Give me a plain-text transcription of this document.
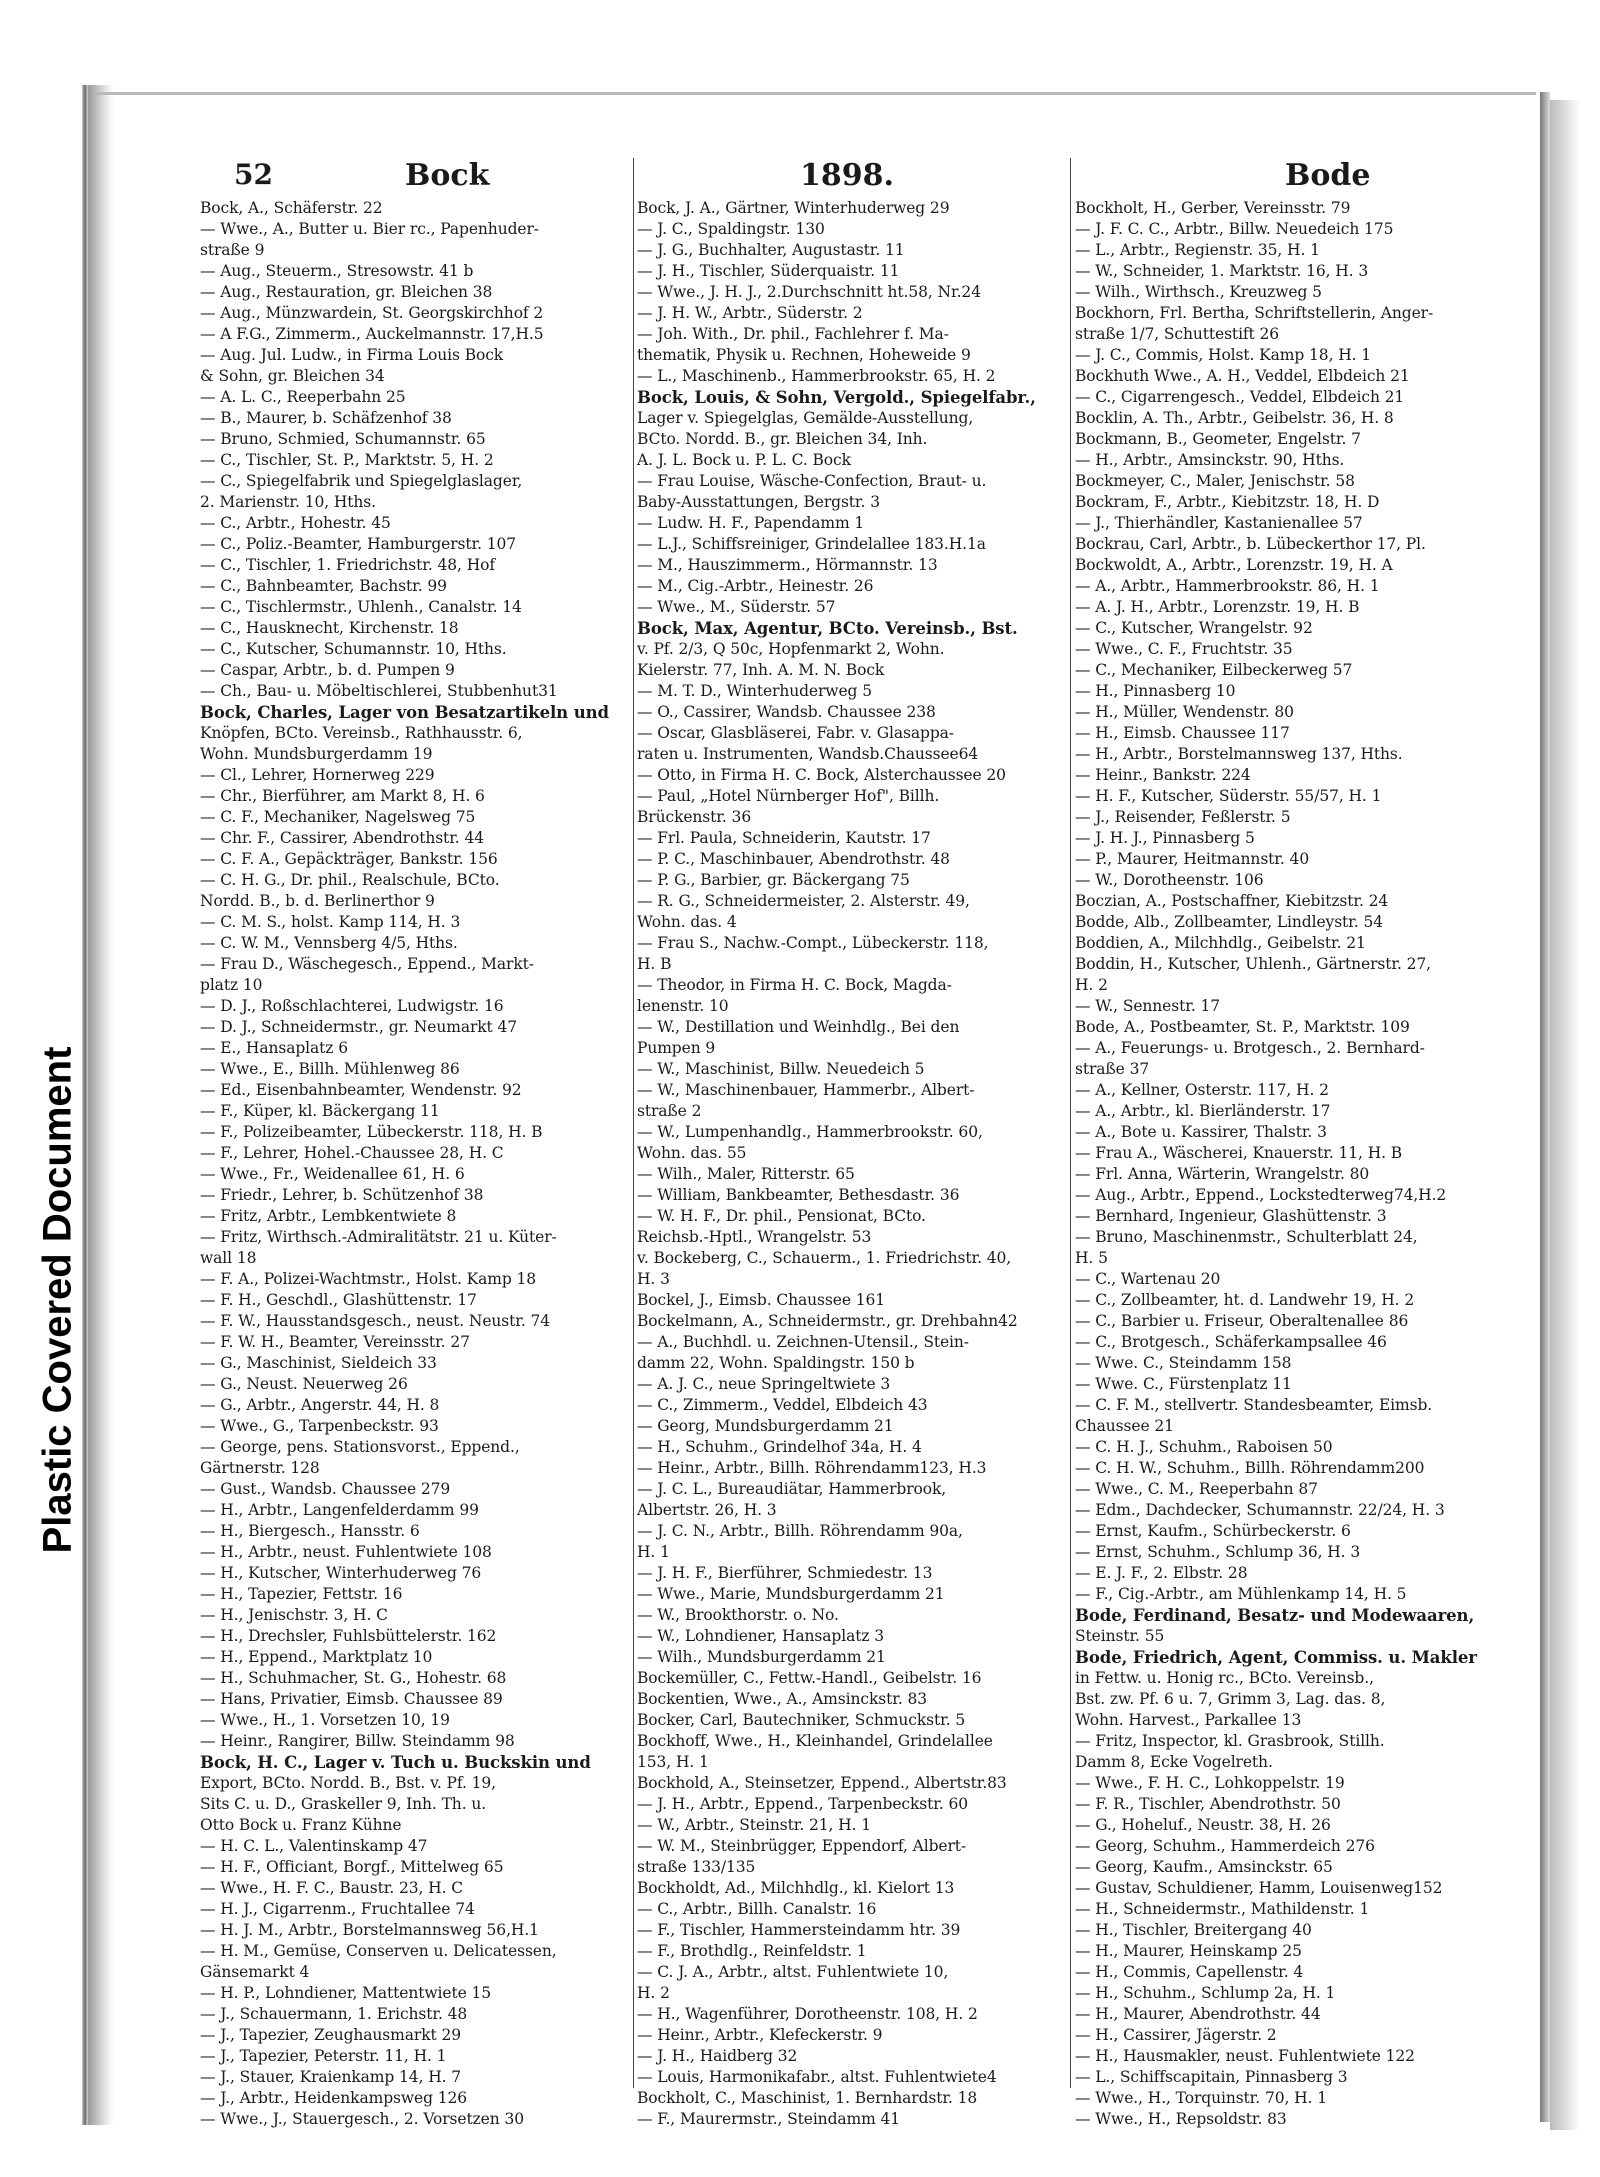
Plastic Covered Document
52	Bock	1898.	Bode
Bock, A., Schäferstr. 22
— Wwe., A., Butter u. Bier rc., Papenhuder-
straße 9
— Aug., Steuerm., Stresowstr. 41 b
— Aug., Restauration, gr. Bleichen 38
— Aug., Münzwardein, St. Georgskirchhof 2
— A F.G., Zimmerm., Auckelmannstr. 17,H.5
— Aug. Jul. Ludw., in Firma Louis Bock
& Sohn, gr. Bleichen 34
— A. L. C., Reeperbahn 25
— B., Maurer, b. Schäfzenhof 38
— Bruno, Schmied, Schumannstr. 65
— C., Tischler, St. P., Marktstr. 5, H. 2
— C., Spiegelfabrik und Spiegelglaslager,
2. Marienstr. 10, Hths.
— C., Arbtr., Hohestr. 45
— C., Poliz.-Beamter, Hamburgerstr. 107
— C., Tischler, 1. Friedrichstr. 48, Hof
— C., Bahnbeamter, Bachstr. 99
— C., Tischlermstr., Uhlenh., Canalstr. 14
— C., Hausknecht, Kirchenstr. 18
— C., Kutscher, Schumannstr. 10, Hths.
— Caspar, Arbtr., b. d. Pumpen 9
— Ch., Bau- u. Möbeltischlerei, Stubbenhut31
Bock, Charles, Lager von Besatzartikeln und
Knöpfen, BCto. Vereinsb., Rathhausstr. 6,
Wohn. Mundsburgerdamm 19
— Cl., Lehrer, Hornerweg 229
— Chr., Bierführer, am Markt 8, H. 6
— C. F., Mechaniker, Nagelsweg 75
— Chr. F., Cassirer, Abendrothstr. 44
— C. F. A., Gepäckträger, Bankstr. 156
— C. H. G., Dr. phil., Realschule, BCto.
Nordd. B., b. d. Berlinerthor 9
— C. M. S., holst. Kamp 114, H. 3
— C. W. M., Vennsberg 4/5, Hths.
— Frau D., Wäschegesch., Eppend., Markt-
platz 10
— D. J., Roßschlachterei, Ludwigstr. 16
— D. J., Schneidermstr., gr. Neumarkt 47
— E., Hansaplatz 6
— Wwe., E., Billh. Mühlenweg 86
— Ed., Eisenbahnbeamter, Wendenstr. 92
— F., Küper, kl. Bäckergang 11
— F., Polizeibeamter, Lübeckerstr. 118, H. B
— F., Lehrer, Hohel.-Chaussee 28, H. C
— Wwe., Fr., Weidenallee 61, H. 6
— Friedr., Lehrer, b. Schützenhof 38
— Fritz, Arbtr., Lembkentwiete 8
— Fritz, Wirthsch.-Admiralitätstr. 21 u. Küter-
wall 18
— F. A., Polizei-Wachtmstr., Holst. Kamp 18
— F. H., Geschdl., Glashüttenstr. 17
— F. W., Hausstandsgesch., neust. Neustr. 74
— F. W. H., Beamter, Vereinsstr. 27
— G., Maschinist, Sieldeich 33
— G., Neust. Neuerweg 26
— G., Arbtr., Angerstr. 44, H. 8
— Wwe., G., Tarpenbeckstr. 93
— George, pens. Stationsvorst., Eppend.,
Gärtnerstr. 128
— Gust., Wandsb. Chaussee 279
— H., Arbtr., Langenfelderdamm 99
— H., Biergesch., Hansstr. 6
— H., Arbtr., neust. Fuhlentwiete 108
— H., Kutscher, Winterhuderweg 76
— H., Tapezier, Fettstr. 16
— H., Jenischstr. 3, H. C
— H., Drechsler, Fuhlsbüttelerstr. 162
— H., Eppend., Marktplatz 10
— H., Schuhmacher, St. G., Hohestr. 68
— Hans, Privatier, Eimsb. Chaussee 89
— Wwe., H., 1. Vorsetzen 10, 19
— Heinr., Rangirer, Billw. Steindamm 98
Bock, H. C., Lager v. Tuch u. Buckskin und
Export, BCto. Nordd. B., Bst. v. Pf. 19,
Sits C. u. D., Graskeller 9, Inh. Th. u.
Otto Bock u. Franz Kühne
— H. C. L., Valentinskamp 47
— H. F., Officiant, Borgf., Mittelweg 65
— Wwe., H. F. C., Baustr. 23, H. C
— H. J., Cigarrenm., Fruchtallee 74
— H. J. M., Arbtr., Borstelmannsweg 56,H.1
— H. M., Gemüse, Conserven u. Delicatessen,
Gänsemarkt 4
— H. P., Lohndiener, Mattentwiete 15
— J., Schauermann, 1. Erichstr. 48
— J., Tapezier, Zeughausmarkt 29
— J., Tapezier, Peterstr. 11, H. 1
— J., Stauer, Kraienkamp 14, H. 7
— J., Arbtr., Heidenkampsweg 126
— Wwe., J., Stauergesch., 2. Vorsetzen 30
Bock, J. A., Gärtner, Winterhuderweg 29
— J. C., Spaldingstr. 130
— J. G., Buchhalter, Augustastr. 11
— J. H., Tischler, Süderquaistr. 11
— Wwe., J. H. J., 2.Durchschnitt ht.58, Nr.24
— J. H. W., Arbtr., Süderstr. 2
— Joh. With., Dr. phil., Fachlehrer f. Ma-
thematik, Physik u. Rechnen, Hoheweide 9
— L., Maschinenb., Hammerbrookstr. 65, H. 2
Bock, Louis, & Sohn, Vergold., Spiegelfabr.,
Lager v. Spiegelglas, Gemälde-Ausstellung,
BCto. Nordd. B., gr. Bleichen 34, Inh.
A. J. L. Bock u. P. L. C. Bock
— Frau Louise, Wäsche-Confection, Braut- u.
Baby-Ausstattungen, Bergstr. 3
— Ludw. H. F., Papendamm 1
— L.J., Schiffsreiniger, Grindelallee 183.H.1a
— M., Hauszimmerm., Hörmannstr. 13
— M., Cig.-Arbtr., Heinestr. 26
— Wwe., M., Süderstr. 57
Bock, Max, Agentur, BCto. Vereinsb., Bst.
v. Pf. 2/3, Q 50c, Hopfenmarkt 2, Wohn.
Kielerstr. 77, Inh. A. M. N. Bock
— M. T. D., Winterhuderweg 5
— O., Cassirer, Wandsb. Chaussee 238
— Oscar, Glasbläserei, Fabr. v. Glasappa-
raten u. Instrumenten, Wandsb.Chaussee64
— Otto, in Firma H. C. Bock, Alsterchaussee 20
— Paul, „Hotel Nürnberger Hof", Billh.
Brückenstr. 36
— Frl. Paula, Schneiderin, Kautstr. 17
— P. C., Maschinbauer, Abendrothstr. 48
— P. G., Barbier, gr. Bäckergang 75
— R. G., Schneidermeister, 2. Alsterstr. 49,
Wohn. das. 4
— Frau S., Nachw.-Compt., Lübeckerstr. 118,
H. B
— Theodor, in Firma H. C. Bock, Magda-
lenenstr. 10
— W., Destillation und Weinhdlg., Bei den
Pumpen 9
— W., Maschinist, Billw. Neuedeich 5
— W., Maschinenbauer, Hammerbr., Albert-
straße 2
— W., Lumpenhandlg., Hammerbrookstr. 60,
Wohn. das. 55
— Wilh., Maler, Ritterstr. 65
— William, Bankbeamter, Bethesdastr. 36
— W. H. F., Dr. phil., Pensionat, BCto.
Reichsb.-Hptl., Wrangelstr. 53
v. Bockeberg, C., Schauerm., 1. Friedrichstr. 40,
H. 3
Bockel, J., Eimsb. Chaussee 161
Bockelmann, A., Schneidermstr., gr. Drehbahn42
— A., Buchhdl. u. Zeichnen-Utensil., Stein-
damm 22, Wohn. Spaldingstr. 150 b
— A. J. C., neue Springeltwiete 3
— C., Zimmerm., Veddel, Elbdeich 43
— Georg, Mundsburgerdamm 21
— H., Schuhm., Grindelhof 34a, H. 4
— Heinr., Arbtr., Billh. Röhrendamm123, H.3
— J. C. L., Bureaudiätar, Hammerbrook,
Albertstr. 26, H. 3
— J. C. N., Arbtr., Billh. Röhrendamm 90a,
H. 1
— J. H. F., Bierführer, Schmiedestr. 13
— Wwe., Marie, Mundsburgerdamm 21
— W., Brookthorstr. o. No.
— W., Lohndiener, Hansaplatz 3
— Wilh., Mundsburgerdamm 21
Bockemüller, C., Fettw.-Handl., Geibelstr. 16
Bockentien, Wwe., A., Amsinckstr. 83
Bocker, Carl, Bautechniker, Schmuckstr. 5
Bockhoff, Wwe., H., Kleinhandel, Grindelallee
153, H. 1
Bockhold, A., Steinsetzer, Eppend., Albertstr.83
— J. H., Arbtr., Eppend., Tarpenbeckstr. 60
— W., Arbtr., Steinstr. 21, H. 1
— W. M., Steinbrügger, Eppendorf, Albert-
straße 133/135
Bockholdt, Ad., Milchhdlg., kl. Kielort 13
— C., Arbtr., Billh. Canalstr. 16
— F., Tischler, Hammersteindamm htr. 39
— F., Brothdlg., Reinfeldstr. 1
— C. J. A., Arbtr., altst. Fuhlentwiete 10,
H. 2
— H., Wagenführer, Dorotheenstr. 108, H. 2
— Heinr., Arbtr., Klefeckerstr. 9
— J. H., Haidberg 32
— Louis, Harmonikafabr., altst. Fuhlentwiete4
Bockholt, C., Maschinist, 1. Bernhardstr. 18
— F., Maurermstr., Steindamm 41
Bockholt, H., Gerber, Vereinsstr. 79
— J. F. C. C., Arbtr., Billw. Neuedeich 175
— L., Arbtr., Regienstr. 35, H. 1
— W., Schneider, 1. Marktstr. 16, H. 3
— Wilh., Wirthsch., Kreuzweg 5
Bockhorn, Frl. Bertha, Schriftstellerin, Anger-
straße 1/7, Schuttestift 26
— J. C., Commis, Holst. Kamp 18, H. 1
Bockhuth Wwe., A. H., Veddel, Elbdeich 21
— C., Cigarrengesch., Veddel, Elbdeich 21
Bocklin, A. Th., Arbtr., Geibelstr. 36, H. 8
Bockmann, B., Geometer, Engelstr. 7
— H., Arbtr., Amsinckstr. 90, Hths.
Bockmeyer, C., Maler, Jenischstr. 58
Bockram, F., Arbtr., Kiebitzstr. 18, H. D
— J., Thierhändler, Kastanienallee 57
Bockrau, Carl, Arbtr., b. Lübeckerthor 17, Pl.
Bockwoldt, A., Arbtr., Lorenzstr. 19, H. A
— A., Arbtr., Hammerbrookstr. 86, H. 1
— A. J. H., Arbtr., Lorenzstr. 19, H. B
— C., Kutscher, Wrangelstr. 92
— Wwe., C. F., Fruchtstr. 35
— C., Mechaniker, Eilbeckerweg 57
— H., Pinnasberg 10
— H., Müller, Wendenstr. 80
— H., Eimsb. Chaussee 117
— H., Arbtr., Borstelmannsweg 137, Hths.
— Heinr., Bankstr. 224
— H. F., Kutscher, Süderstr. 55/57, H. 1
— J., Reisender, Feßlerstr. 5
— J. H. J., Pinnasberg 5
— P., Maurer, Heitmannstr. 40
— W., Dorotheenstr. 106
Boczian, A., Postschaffner, Kiebitzstr. 24
Bodde, Alb., Zollbeamter, Lindleystr. 54
Boddien, A., Milchhdlg., Geibelstr. 21
Boddin, H., Kutscher, Uhlenh., Gärtnerstr. 27,
H. 2
— W., Sennestr. 17
Bode, A., Postbeamter, St. P., Marktstr. 109
— A., Feuerungs- u. Brotgesch., 2. Bernhard-
straße 37
— A., Kellner, Osterstr. 117, H. 2
— A., Arbtr., kl. Bierländerstr. 17
— A., Bote u. Kassirer, Thalstr. 3
— Frau A., Wäscherei, Knauerstr. 11, H. B
— Frl. Anna, Wärterin, Wrangelstr. 80
— Aug., Arbtr., Eppend., Lockstedterweg74,H.2
— Bernhard, Ingenieur, Glashüttenstr. 3
— Bruno, Maschinenmstr., Schulterblatt 24,
H. 5
— C., Wartenau 20
— C., Zollbeamter, ht. d. Landwehr 19, H. 2
— C., Barbier u. Friseur, Oberaltenallee 86
— C., Brotgesch., Schäferkampsallee 46
— Wwe. C., Steindamm 158
— Wwe. C., Fürstenplatz 11
— C. F. M., stellvertr. Standesbeamter, Eimsb.
Chaussee 21
— C. H. J., Schuhm., Raboisen 50
— C. H. W., Schuhm., Billh. Röhrendamm200
— Wwe., C. M., Reeperbahn 87
— Edm., Dachdecker, Schumannstr. 22/24, H. 3
— Ernst, Kaufm., Schürbeckerstr. 6
— Ernst, Schuhm., Schlump 36, H. 3
— E. J. F., 2. Elbstr. 28
— F., Cig.-Arbtr., am Mühlenkamp 14, H. 5
Bode, Ferdinand, Besatz- und Modewaaren,
Steinstr. 55
Bode, Friedrich, Agent, Commiss. u. Makler
in Fettw. u. Honig rc., BCto. Vereinsb.,
Bst. zw. Pf. 6 u. 7, Grimm 3, Lag. das. 8,
Wohn. Harvest., Parkallee 13
— Fritz, Inspector, kl. Grasbrook, Stillh.
Damm 8, Ecke Vogelreth.
— Wwe., F. H. C., Lohkoppelstr. 19
— F. R., Tischler, Abendrothstr. 50
— G., Hoheluf., Neustr. 38, H. 26
— Georg, Schuhm., Hammerdeich 276
— Georg, Kaufm., Amsinckstr. 65
— Gustav, Schuldiener, Hamm, Louisenweg152
— H., Schneidermstr., Mathildenstr. 1
— H., Tischler, Breitergang 40
— H., Maurer, Heinskamp 25
— H., Commis, Capellenstr. 4
— H., Schuhm., Schlump 2a, H. 1
— H., Maurer, Abendrothstr. 44
— H., Cassirer, Jägerstr. 2
— H., Hausmakler, neust. Fuhlentwiete 122
— L., Schiffscapitain, Pinnasberg 3
— Wwe., H., Torquinstr. 70, H. 1
— Wwe., H., Repsoldstr. 83
